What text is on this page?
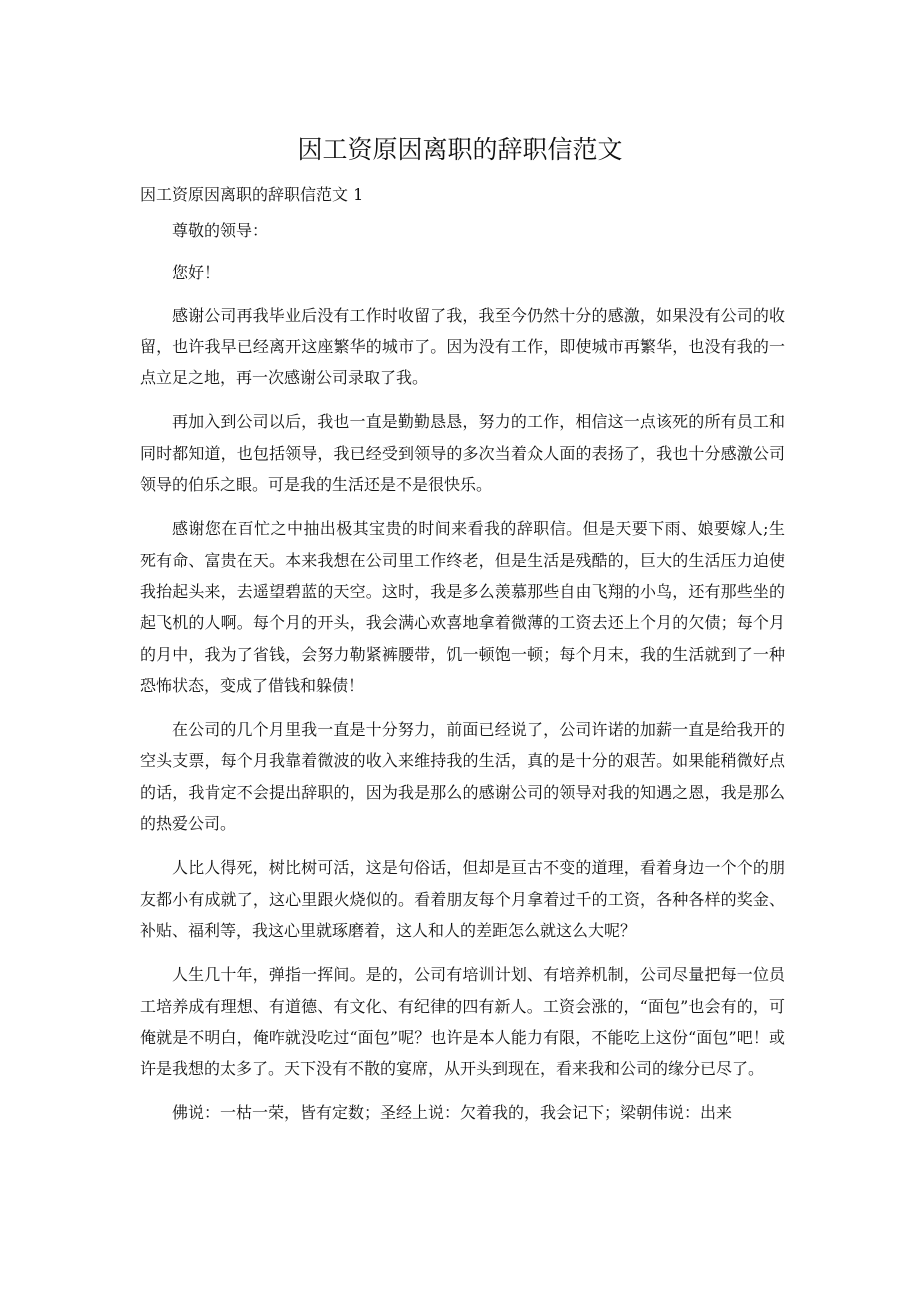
因工资原因离职的辞职信范文

因工资原因离职的辞职信范文 1

尊敬的领导：

您好！

感谢公司再我毕业后没有工作时收留了我，我至今仍然十分的感激，如果没有公司的收留，也许我早已经离开这座繁华的城市了。因为没有工作，即使城市再繁华，也没有我的一点立足之地，再一次感谢公司录取了我。

再加入到公司以后，我也一直是勤勤恳恳，努力的工作，相信这一点该死的所有员工和同时都知道，也包括领导，我已经受到领导的多次当着众人面的表扬了，我也十分感激公司领导的伯乐之眼。可是我的生活还是不是很快乐。

感谢您在百忙之中抽出极其宝贵的时间来看我的辞职信。但是天要下雨、娘要嫁人;生死有命、富贵在天。本来我想在公司里工作终老，但是生活是残酷的，巨大的生活压力迫使我抬起头来，去遥望碧蓝的天空。这时，我是多么羡慕那些自由飞翔的小鸟，还有那些坐的起飞机的人啊。每个月的开头，我会满心欢喜地拿着微薄的工资去还上个月的欠债；每个月的月中，我为了省钱，会努力勒紧裤腰带，饥一顿饱一顿；每个月末，我的生活就到了一种恐怖状态，变成了借钱和躲债！

在公司的几个月里我一直是十分努力，前面已经说了，公司许诺的加薪一直是给我开的空头支票，每个月我靠着微波的收入来维持我的生活，真的是十分的艰苦。如果能稍微好点的话，我肯定不会提出辞职的，因为我是那么的感谢公司的领导对我的知遇之恩，我是那么的热爱公司。

人比人得死，树比树可活，这是句俗话，但却是亘古不变的道理，看着身边一个个的朋友都小有成就了，这心里跟火烧似的。看着朋友每个月拿着过千的工资，各种各样的奖金、补贴、福利等，我这心里就琢磨着，这人和人的差距怎么就这么大呢？

人生几十年，弹指一挥间。是的，公司有培训计划、有培养机制，公司尽量把每一位员工培养成有理想、有道德、有文化、有纪律的四有新人。工资会涨的，“面包”也会有的，可俺就是不明白，俺咋就没吃过“面包”呢？也许是本人能力有限，不能吃上这份“面包”吧！或许是我想的太多了。天下没有不散的宴席，从开头到现在，看来我和公司的缘分已尽了。

佛说：一枯一荣，皆有定数；圣经上说：欠着我的，我会记下；梁朝伟说：出来
